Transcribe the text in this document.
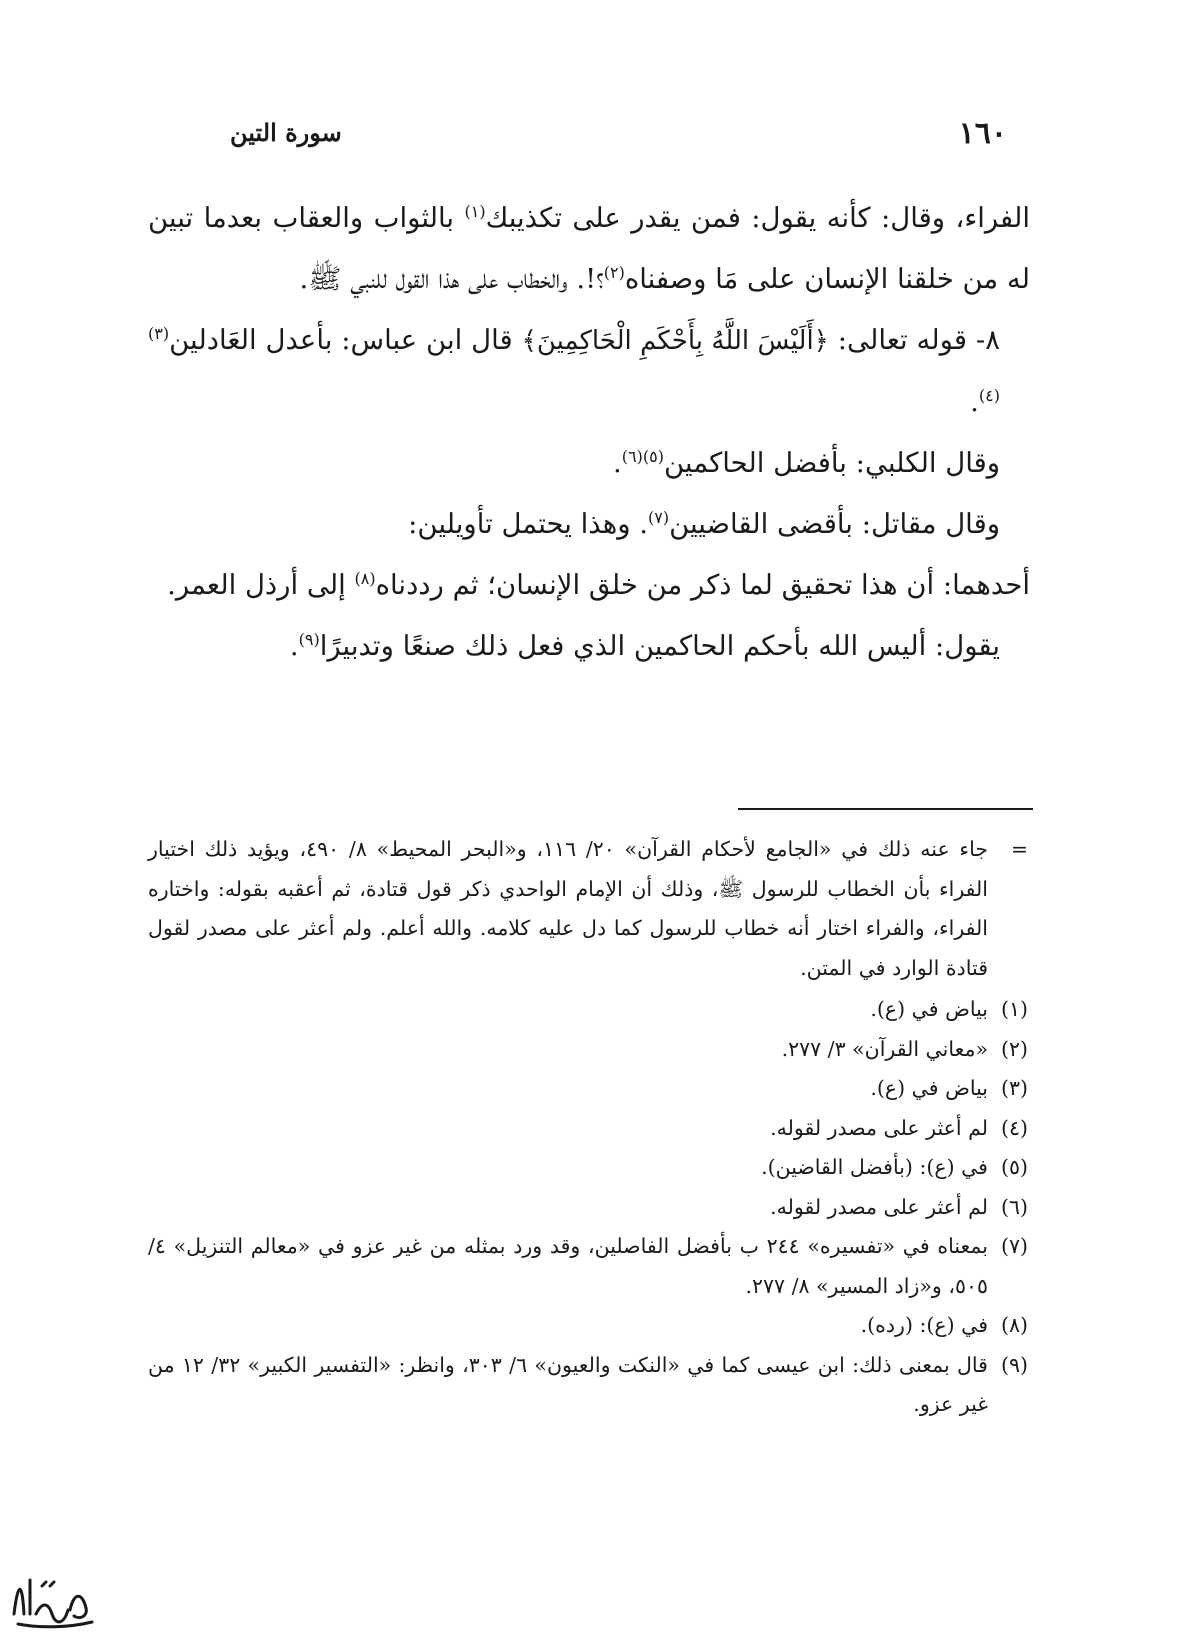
١٦٠
سورة التين

الفراء، وقال: كأنه يقول: فمن يقدر على تكذيبك$^{(١)}$ بالثواب والعقاب بعدما تبين له من خلقنا الإنسان على مَا وصفناه$^{(٢)}$؟!. والخطاب على هذا القول للنبي ﷺ.

٨- قوله تعالى: ﴿أَلَيْسَ اللَّهُ بِأَحْكَمِ الْحَاكِمِينَ﴾ قال ابن عباس: بأعدل العَادلين$^{(٣)(٤)}$.

وقال الكلبي: بأفضل الحاكمين$^{(٥)(٦)}$.

وقال مقاتل: بأقضى القاضيين$^{(٧)}$. وهذا يحتمل تأويلين:

أحدهما: أن هذا تحقيق لما ذكر من خلق الإنسان؛ ثم رددناه$^{(٨)}$ إلى أرذل العمر.

يقول: أليس الله بأحكم الحاكمين الذي فعل ذلك صنعًا وتدبيرًا$^{(٩)}$.

=

جاء عنه ذلك في «الجامع لأحكام القرآن» ٢٠/ ١١٦، و«البحر المحيط» ٨/ ٤٩٠، ويؤيد ذلك اختيار الفراء بأن الخطاب للرسول ﷺ، وذلك أن الإمام الواحدي ذكر قول قتادة، ثم أعقبه بقوله: واختاره الفراء، والفراء اختار أنه خطاب للرسول كما دل عليه كلامه. والله أعلم. ولم أعثر على مصدر لقول قتادة الوارد في المتن.

(١)
بياض في (ع).
(٢)
«معاني القرآن» ٣/ ٢٧٧.
(٣)
بياض في (ع).
(٤)
لم أعثر على مصدر لقوله.
(٥)
في (ع): (بأفضل القاضين).
(٦)
لم أعثر على مصدر لقوله.
(٧)
بمعناه في «تفسيره» ٢٤٤ ب بأفضل الفاصلين، وقد ورد بمثله من غير عزو في «معالم التنزيل» ٤/ ٥٠٥، و«زاد المسير» ٨/ ٢٧٧.
(٨)
في (ع): (رده).
(٩)
قال بمعنى ذلك: ابن عيسى كما في «النكت والعيون» ٦/ ٣٠٣، وانظر: «التفسير الكبير» ٣٢/ ١٢ من غير عزو.
